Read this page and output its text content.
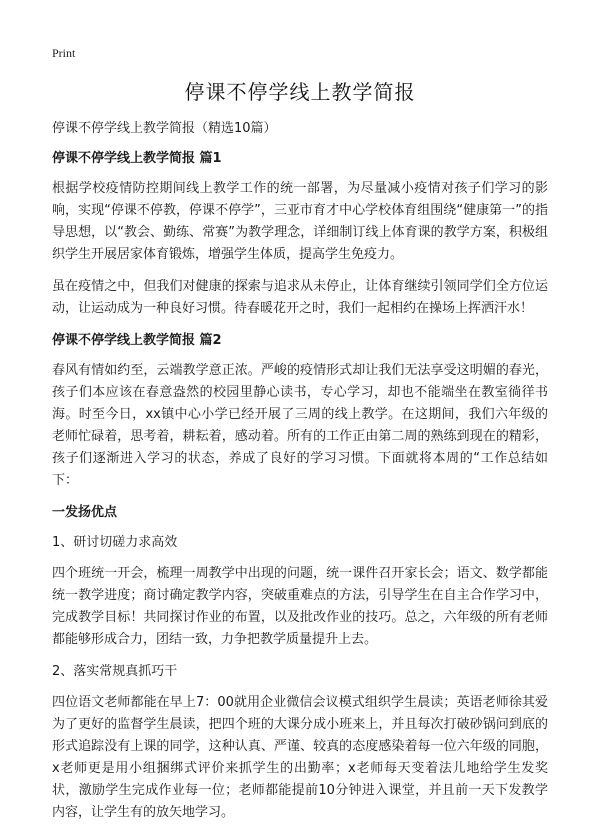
Print
停课不停学线上教学简报

停课不停学线上教学简报（精选10篇）

停课不停学线上教学简报 篇1

根据学校疫情防控期间线上教学工作的统一部署，为尽量减小疫情对孩子们学习的影响，实现“停课不停教，停课不停学”，三亚市育才中心学校体育组围绕“健康第一”的指导思想，以“教会、勤练、常赛”为教学理念，详细制订线上体育课的教学方案，积极组织学生开展居家体育锻炼，增强学生体质，提高学生免疫力。

虽在疫情之中，但我们对健康的探索与追求从未停止，让体育继续引领同学们全方位运动，让运动成为一种良好习惯。待春暖花开之时，我们一起相约在操场上挥洒汗水！

停课不停学线上教学简报 篇2

春风有情如约至，云端教学意正浓。严峻的疫情形式却让我们无法享受这明媚的春光，孩子们本应该在春意盎然的校园里静心读书，专心学习，却也不能端坐在教室徜徉书海。时至今日，xx镇中心小学已经开展了三周的线上教学。在这期间，我们六年级的老师忙碌着，思考着，耕耘着，感动着。所有的工作正由第二周的熟练到现在的精彩，孩子们逐渐进入学习的状态，养成了良好的学习习惯。下面就将本周的“工作总结如下：

一发扬优点

1、研讨切磋力求高效

四个班统一开会，梳理一周教学中出现的问题，统一课件召开家长会；语文、数学都能统一教学进度；商讨确定教学内容，突破重难点的方法，引导学生在自主合作学习中，完成教学目标！共同探讨作业的布置，以及批改作业的技巧。总之，六年级的所有老师都能够形成合力，团结一致，力争把教学质量提升上去。

2、落实常规真抓巧干

四位语文老师都能在早上7：00就用企业微信会议模式组织学生晨读；英语老师徐其爱为了更好的监督学生晨读，把四个班的大课分成小班来上，并且每次打破砂锅问到底的形式追踪没有上课的同学，这种认真、严谨、较真的态度感染着每一位六年级的同胞，x老师更是用小组捆绑式评价来抓学生的出勤率；x老师每天变着法儿地给学生发奖状，激励学生完成作业每一位；老师都能提前10分钟进入课堂，并且前一天下发教学内容，让学生有的放矢地学习。
